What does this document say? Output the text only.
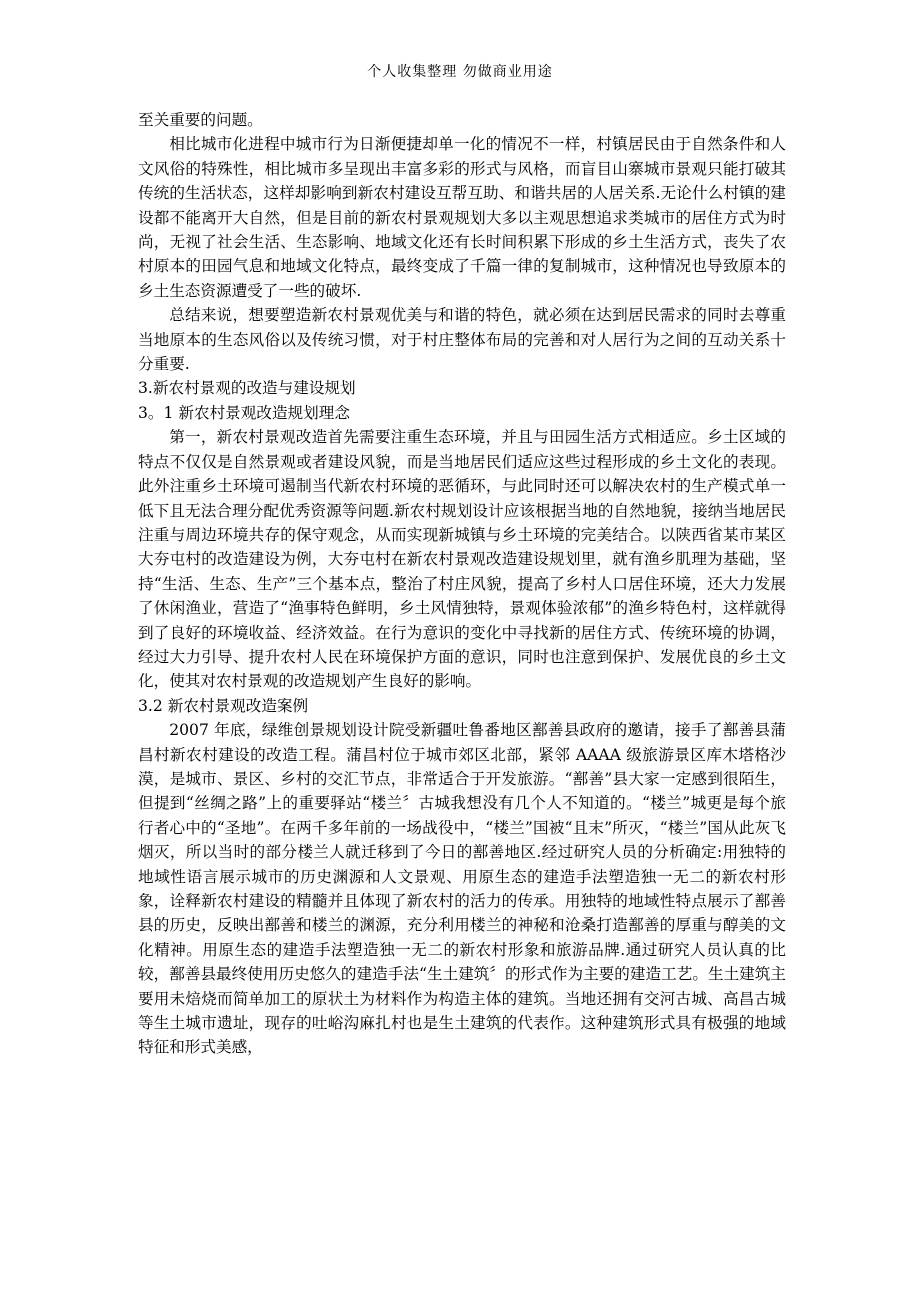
个人收集整理 勿做商业用途

至关重要的问题。

相比城市化进程中城市行为日渐便捷却单一化的情况不一样，村镇居民由于自然条件和人文风俗的特殊性，相比城市多呈现出丰富多彩的形式与风格，而盲目山寨城市景观只能打破其传统的生活状态，这样却影响到新农村建设互帮互助、和谐共居的人居关系.无论什么村镇的建设都不能离开大自然，但是目前的新农村景观规划大多以主观思想追求类城市的居住方式为时尚，无视了社会生活、生态影响、地域文化还有长时间积累下形成的乡土生活方式，丧失了农村原本的田园气息和地域文化特点，最终变成了千篇一律的复制城市，这种情况也导致原本的乡土生态资源遭受了一些的破坏.

总结来说，想要塑造新农村景观优美与和谐的特色，就必须在达到居民需求的同时去尊重当地原本的生态风俗以及传统习惯，对于村庄整体布局的完善和对人居行为之间的互动关系十分重要.

3.新农村景观的改造与建设规划

3。1 新农村景观改造规划理念

第一，新农村景观改造首先需要注重生态环境，并且与田园生活方式相适应。乡土区域的特点不仅仅是自然景观或者建设风貌，而是当地居民们适应这些过程形成的乡土文化的表现。此外注重乡土环境可遏制当代新农村环境的恶循环，与此同时还可以解决农村的生产模式单一低下且无法合理分配优秀资源等问题.新农村规划设计应该根据当地的自然地貌，接纳当地居民注重与周边环境共存的保守观念，从而实现新城镇与乡土环境的完美结合。以陕西省某市某区大夯屯村的改造建设为例，大夯屯村在新农村景观改造建设规划里，就有渔乡肌理为基础，坚持“生活、生态、生产”三个基本点，整治了村庄风貌，提高了乡村人口居住环境，还大力发展了休闲渔业，营造了“渔事特色鲜明，乡土风情独特，景观体验浓郁”的渔乡特色村，这样就得到了良好的环境收益、经济效益。在行为意识的变化中寻找新的居住方式、传统环境的协调，经过大力引导、提升农村人民在环境保护方面的意识，同时也注意到保护、发展优良的乡土文化，使其对农村景观的改造规划产生良好的影响。

3.2 新农村景观改造案例

2007 年底，绿维创景规划设计院受新疆吐鲁番地区鄯善县政府的邀请，接手了鄯善县蒲昌村新农村建设的改造工程。蒲昌村位于城市郊区北部，紧邻 AAAA 级旅游景区库木塔格沙漠，是城市、景区、乡村的交汇节点，非常适合于开发旅游。“鄯善”县大家一定感到很陌生，但提到“丝绸之路”上的重要驿站“楼兰〞古城我想没有几个人不知道的。“楼兰”城更是每个旅行者心中的“圣地”。在两千多年前的一场战役中，“楼兰”国被“且末”所灭，“楼兰”国从此灰飞烟灭，所以当时的部分楼兰人就迁移到了今日的鄯善地区.经过研究人员的分析确定:用独特的地域性语言展示城市的历史渊源和人文景观、用原生态的建造手法塑造独一无二的新农村形象，诠释新农村建设的精髓并且体现了新农村的活力的传承。用独特的地域性特点展示了鄯善县的历史，反映出鄯善和楼兰的渊源，充分利用楼兰的神秘和沧桑打造鄯善的厚重与醇美的文化精神。用原生态的建造手法塑造独一无二的新农村形象和旅游品牌.通过研究人员认真的比较，鄯善县最终使用历史悠久的建造手法“生土建筑〞的形式作为主要的建造工艺。生土建筑主要用未焙烧而简单加工的原状土为材料作为构造主体的建筑。当地还拥有交河古城、高昌古城等生土城市遗址，现存的吐峪沟麻扎村也是生土建筑的代表作。这种建筑形式具有极强的地域特征和形式美感，
